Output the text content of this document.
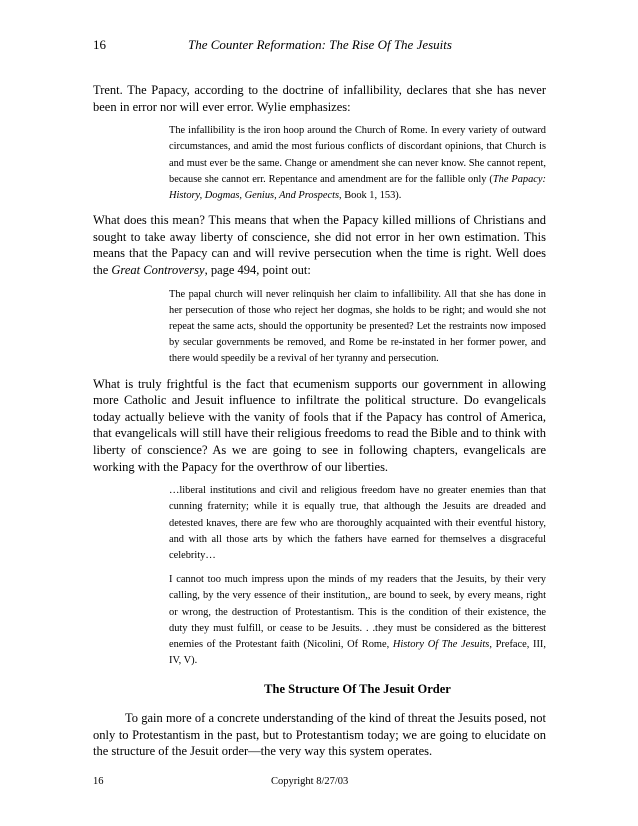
16	The Counter Reformation: The Rise Of The Jesuits

Trent. The Papacy, according to the doctrine of infallibility, declares that she has never been in error nor will ever error. Wylie emphasizes:

The infallibility is the iron hoop around the Church of Rome. In every variety of outward circumstances, and amid the most furious conflicts of discordant opinions, that Church is and must ever be the same. Change or amendment she can never know. She cannot repent, because she cannot err. Repentance and amendment are for the fallible only (The Papacy: History, Dogmas, Genius, And Prospects, Book 1, 153).

What does this mean? This means that when the Papacy killed millions of Christians and sought to take away liberty of conscience, she did not error in her own estimation. This means that the Papacy can and will revive persecution when the time is right. Well does the Great Controversy, page 494, point out:

The papal church will never relinquish her claim to infallibility. All that she has done in her persecution of those who reject her dogmas, she holds to be right; and would she not repeat the same acts, should the opportunity be presented? Let the restraints now imposed by secular governments be removed, and Rome be re-instated in her former power, and there would speedily be a revival of her tyranny and persecution.

What is truly frightful is the fact that ecumenism supports our government in allowing more Catholic and Jesuit influence to infiltrate the political structure. Do evangelicals today actually believe with the vanity of fools that if the Papacy has control of America, that evangelicals will still have their religious freedoms to read the Bible and to think with liberty of conscience? As we are going to see in following chapters, evangelicals are working with the Papacy for the overthrow of our liberties.

…liberal institutions and civil and religious freedom have no greater enemies than that cunning fraternity; while it is equally true, that although the Jesuits are dreaded and detested knaves, there are few who are thoroughly acquainted with their eventful history, and with all those arts by which the fathers have earned for themselves a disgraceful celebrity…

I cannot too much impress upon the minds of my readers that the Jesuits, by their very calling, by the very essence of their institution,, are bound to seek, by every means, right or wrong, the destruction of Protestantism. This is the condition of their existence, the duty they must fulfill, or cease to be Jesuits. . .they must be considered as the bitterest enemies of the Protestant faith (Nicolini, Of Rome, History Of The Jesuits, Preface, III, IV, V).

The Structure Of The Jesuit Order

To gain more of a concrete understanding of the kind of threat the Jesuits posed, not only to Protestantism in the past, but to Protestantism today; we are going to elucidate on the structure of the Jesuit order—the very way this system operates.

16	Copyright 8/27/03
